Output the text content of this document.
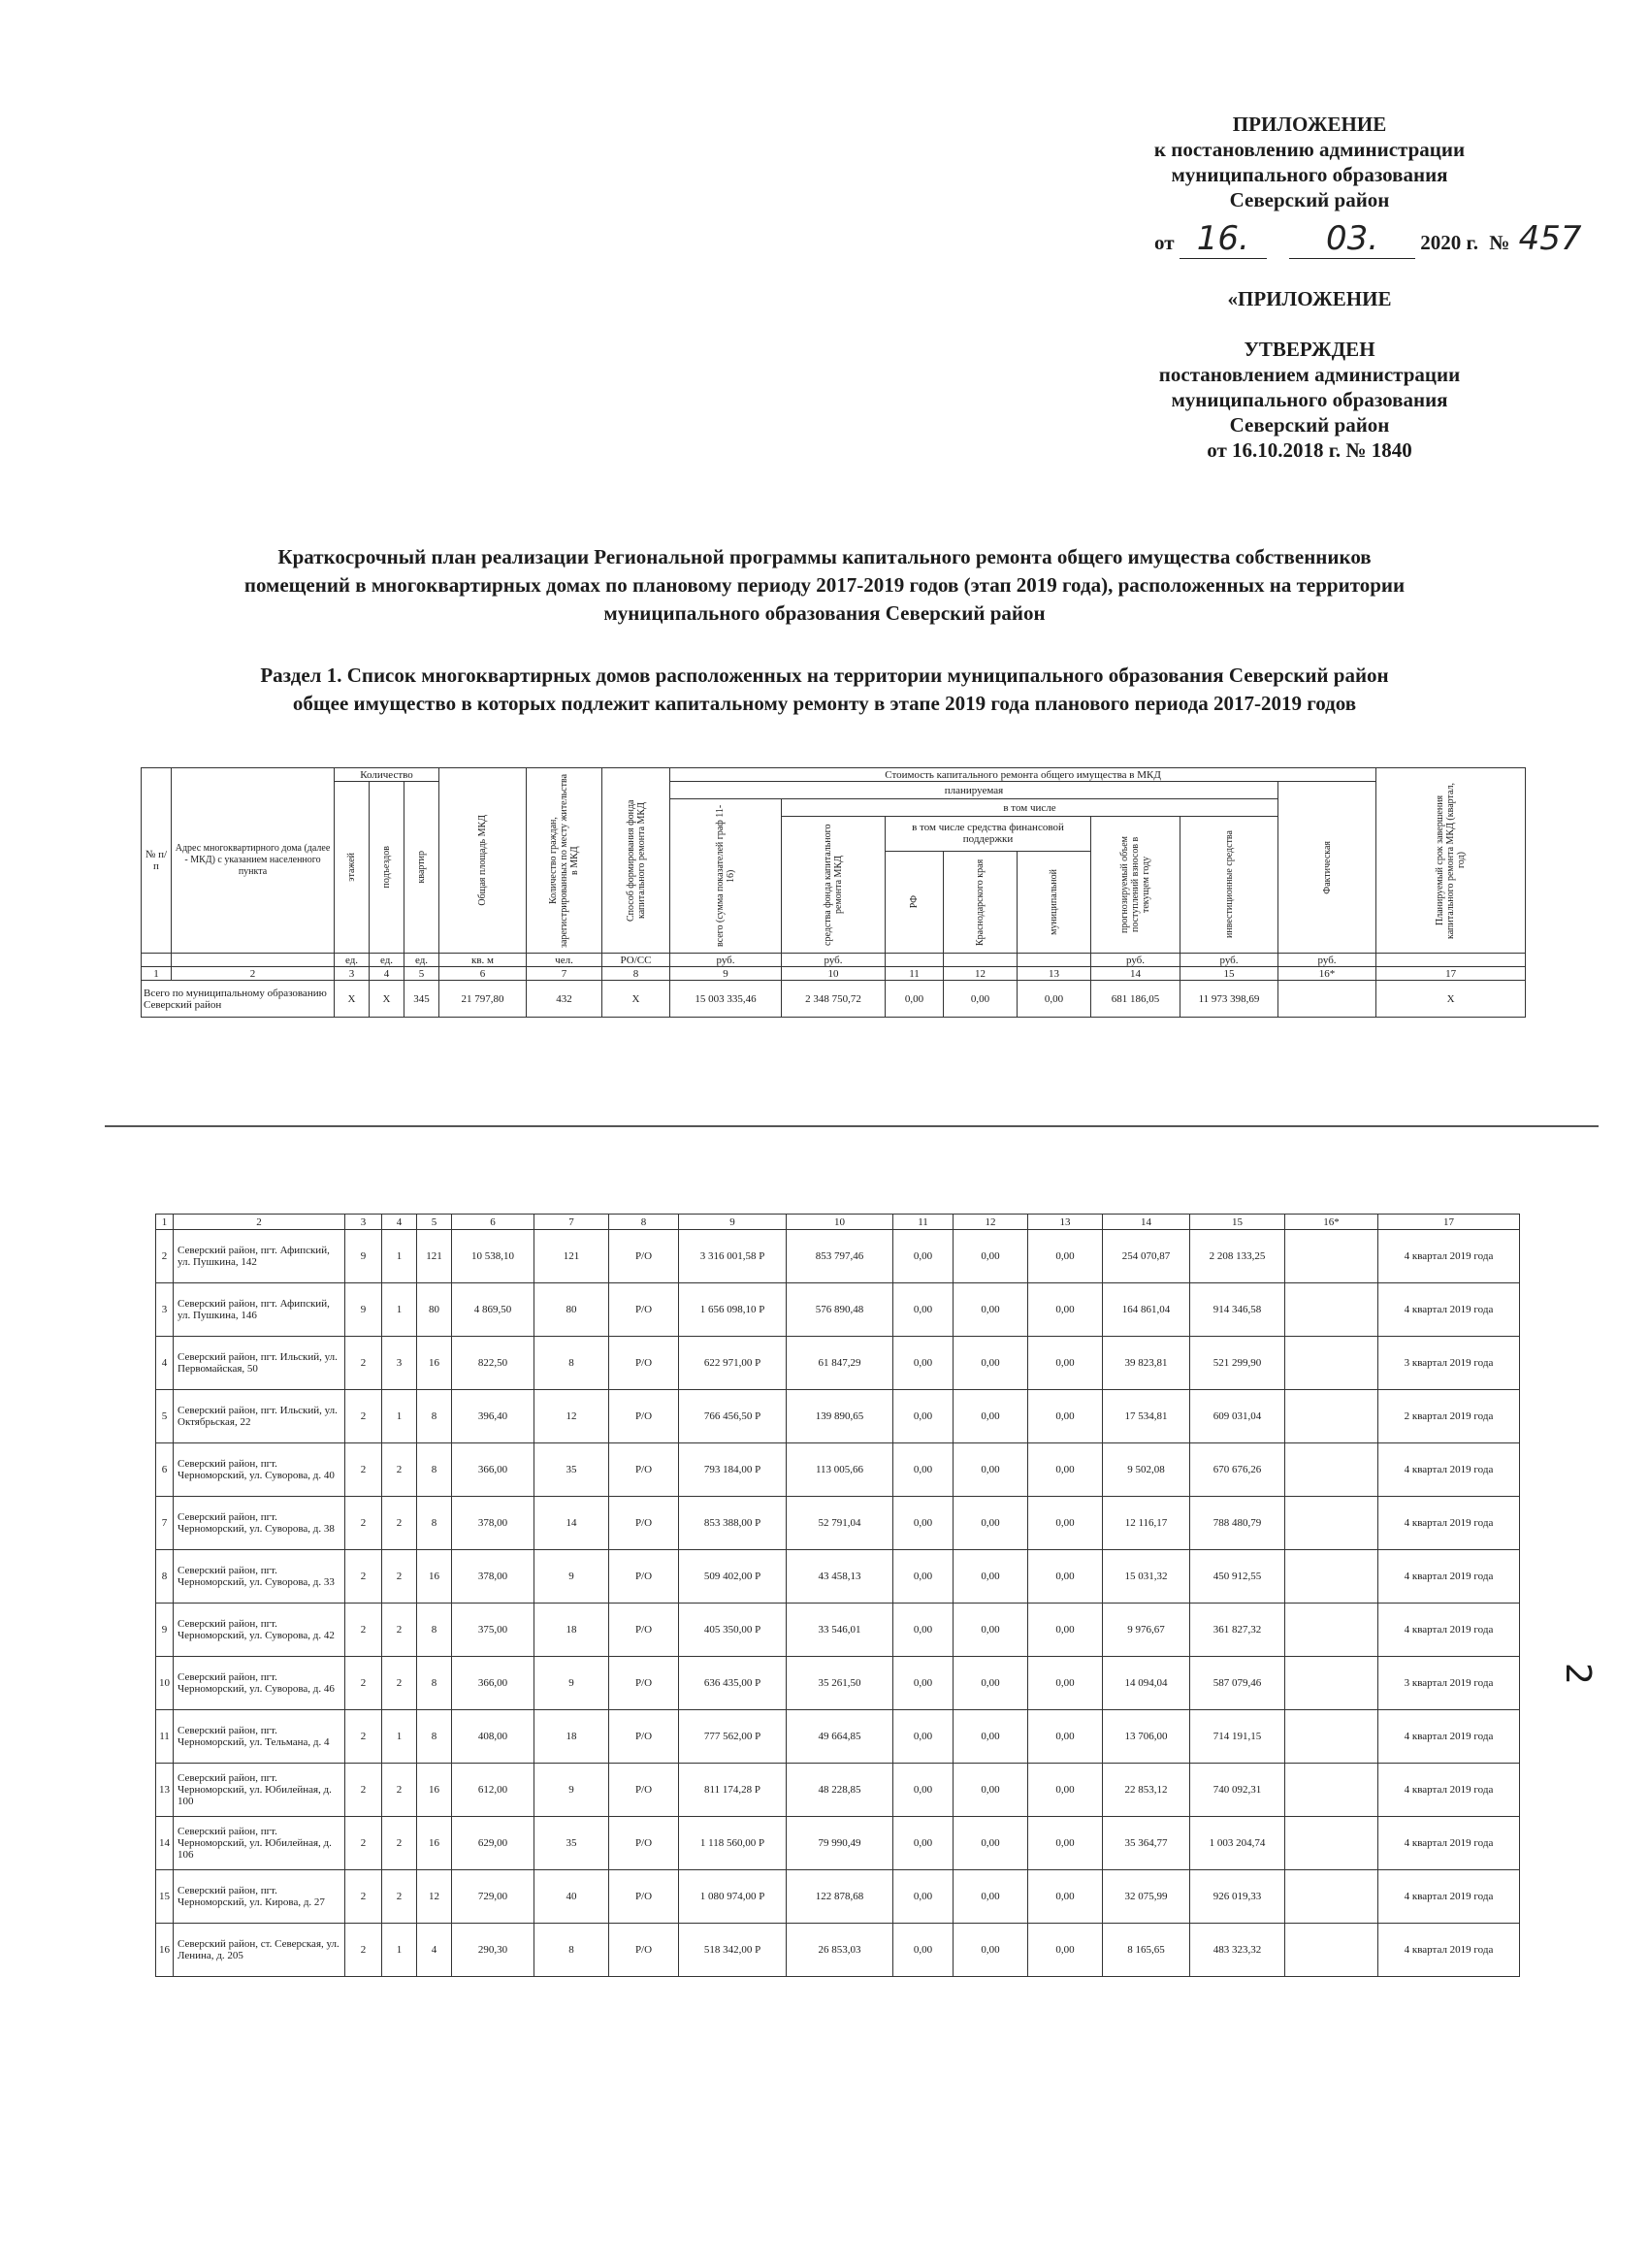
ПРИЛОЖЕНИЕ
к постановлению администрации
муниципального образования
Северский район
от 16. 03. 2020 г. № 457
«ПРИЛОЖЕНИЕ
УТВЕРЖДЕН
постановлением администрации
муниципального образования
Северский район
от 16.10.2018 г. № 1840
Краткосрочный план реализации Региональной программы капитального ремонта общего имущества собственников
помещений в многоквартирных домах по плановому периоду 2017-2019 годов (этап 2019 года), расположенных на территории
муниципального образования Северский район
Раздел 1. Список многоквартирных домов расположенных на территории муниципального образования Северский район
общее имущество в которых подлежит капитальному ремонту в этапе 2019 года планового периода 2017-2019 годов
№ п/п	Адрес многоквартирного дома (далее - МКД) с указанием населенного пункта	Количество			Общая площадь МКД	Количество граждан, зарегистрированных по месту жительства в МКД	Способ формирования фонда капитального ремонта МКД	Стоимость капитального ремонта общего имущества в МКД								Планируемый срок завершения капитального ремонта МКД (квартал, год)

		этажей	подъездов	квартир				планируемая							Фактическая	

								всего (сумма показателей граф 11-16)	в том числе							

									средства фонда капитального ремонта МКД	в том числе средства финансовой поддержки			прогнозируемый объем поступлений взносов в текущем году	инвестиционные средства		

										РФ	Краснодарского края	муниципальной				

		ед.	ед.	ед.	кв. м	чел.	РО/СС	руб.	руб.				руб.	руб.	руб.	
1	2	3	4	5	6	7	8	9	10	11	12	13	14	15	16*	17
Всего по муниципальному образованию Северский район		Х	Х	345	21 797,80	432	Х	15 003 335,46	2 348 750,72	0,00	0,00	0,00	681 186,05	11 973 398,69		Х
1	2	3	4	5	6	7	8	9	10	11	12	13	14	15	16*	17
2	Северский район, пгт. Афипский, ул. Пушкина, 142	9	1	121	10 538,10	121	Р/О	3 316 001,58 Р	853 797,46	0,00	0,00	0,00	254 070,87	2 208 133,25		4 квартал 2019 года
3	Северский район, пгт. Афипский, ул. Пушкина, 146	9	1	80	4 869,50	80	Р/О	1 656 098,10 Р	576 890,48	0,00	0,00	0,00	164 861,04	914 346,58		4 квартал 2019 года
4	Северский район, пгт. Ильский, ул. Первомайская, 50	2	3	16	822,50	8	Р/О	622 971,00 Р	61 847,29	0,00	0,00	0,00	39 823,81	521 299,90		3 квартал 2019 года
5	Северский район, пгт. Ильский, ул. Октябрьская, 22	2	1	8	396,40	12	Р/О	766 456,50 Р	139 890,65	0,00	0,00	0,00	17 534,81	609 031,04		2 квартал 2019 года
6	Северский район, пгт. Черноморский, ул. Суворова, д. 40	2	2	8	366,00	35	Р/О	793 184,00 Р	113 005,66	0,00	0,00	0,00	9 502,08	670 676,26		4 квартал 2019 года
7	Северский район, пгт. Черноморский, ул. Суворова, д. 38	2	2	8	378,00	14	Р/О	853 388,00 Р	52 791,04	0,00	0,00	0,00	12 116,17	788 480,79		4 квартал 2019 года
8	Северский район, пгт. Черноморский, ул. Суворова, д. 33	2	2	16	378,00	9	Р/О	509 402,00 Р	43 458,13	0,00	0,00	0,00	15 031,32	450 912,55		4 квартал 2019 года
9	Северский район, пгт. Черноморский, ул. Суворова, д. 42	2	2	8	375,00	18	Р/О	405 350,00 Р	33 546,01	0,00	0,00	0,00	9 976,67	361 827,32		4 квартал 2019 года
10	Северский район, пгт. Черноморский, ул. Суворова, д. 46	2	2	8	366,00	9	Р/О	636 435,00 Р	35 261,50	0,00	0,00	0,00	14 094,04	587 079,46		3 квартал 2019 года
11	Северский район, пгт. Черноморский, ул. Тельмана, д. 4	2	1	8	408,00	18	Р/О	777 562,00 Р	49 664,85	0,00	0,00	0,00	13 706,00	714 191,15		4 квартал 2019 года
13	Северский район, пгт. Черноморский, ул. Юбилейная, д. 100	2	2	16	612,00	9	Р/О	811 174,28 Р	48 228,85	0,00	0,00	0,00	22 853,12	740 092,31		4 квартал 2019 года
14	Северский район, пгт. Черноморский, ул. Юбилейная, д. 106	2	2	16	629,00	35	Р/О	1 118 560,00 Р	79 990,49	0,00	0,00	0,00	35 364,77	1 003 204,74		4 квартал 2019 года
15	Северский район, пгт. Черноморский, ул. Кирова, д. 27	2	2	12	729,00	40	Р/О	1 080 974,00 Р	122 878,68	0,00	0,00	0,00	32 075,99	926 019,33		4 квартал 2019 года
16	Северский район, ст. Северская, ул. Ленина, д. 205	2	1	4	290,30	8	Р/О	518 342,00 Р	26 853,03	0,00	0,00	0,00	8 165,65	483 323,32		4 квартал 2019 года
2
